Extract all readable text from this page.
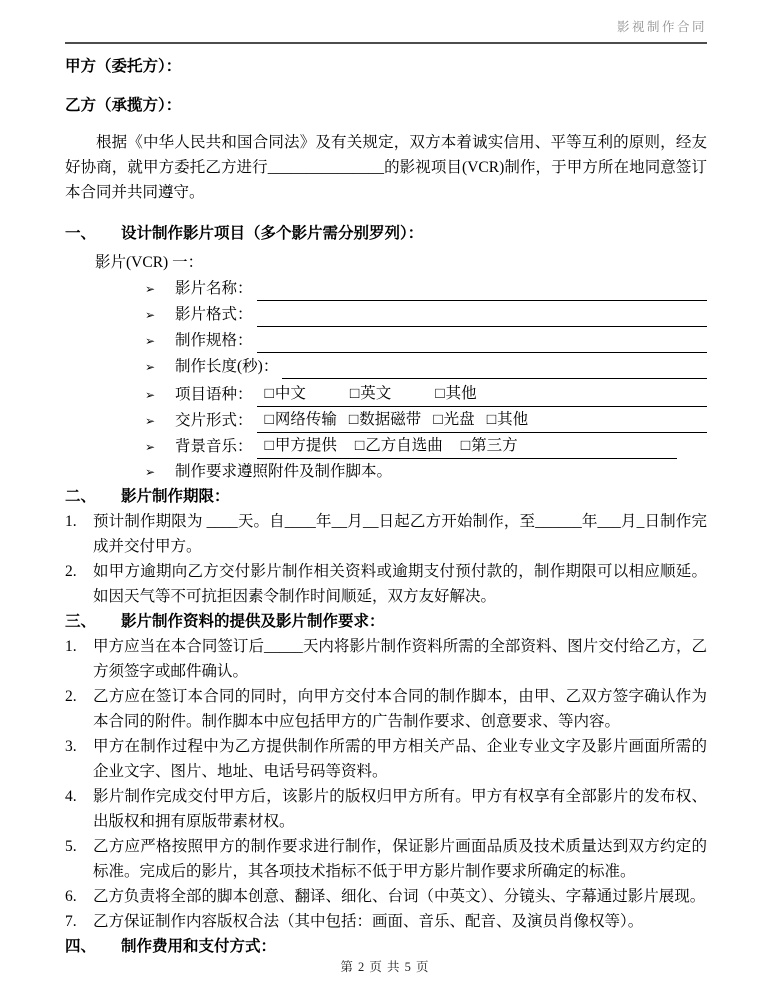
影视制作合同
甲方（委托方）：
乙方（承揽方）：

根据《中华人民共和国合同法》及有关规定，双方本着诚实信用、平等互利的原则，经友好协商，就甲方委托乙方进行_______________的影视项目(VCR)制作，于甲方所在地同意签订本合同并共同遵守。

一、	设计制作影片项目（多个影片需分别罗列）：
影片(VCR) 一：
➢	影片名称：
➢	影片格式：
➢	制作规格：
➢	制作长度(秒)：
➢	项目语种： □ 中文	□ 英文	□ 其他
➢	交片形式： □ 网络传输 □ 数据磁带 □ 光盘 □ 其他
➢	背景音乐： □ 甲方提供 □ 乙方自选曲 □ 第三方
➢	制作要求遵照附件及制作脚本。
二、	影片制作期限：
1.	预计制作期限为 ____天。自____年__月__日起乙方开始制作，至______年___月_日制作完成并交付甲方。
2.	如甲方逾期向乙方交付影片制作相关资料或逾期支付预付款的，制作期限可以相应顺延。如因天气等不可抗拒因素令制作时间顺延，双方友好解决。
三、	影片制作资料的提供及影片制作要求：
1.	甲方应当在本合同签订后_____天内将影片制作资料所需的全部资料、图片交付给乙方，乙方须签字或邮件确认。
2.	乙方应在签订本合同的同时，向甲方交付本合同的制作脚本，由甲、乙双方签字确认作为本合同的附件。制作脚本中应包括甲方的广告制作要求、创意要求、等内容。
3.	甲方在制作过程中为乙方提供制作所需的甲方相关产品、企业专业文字及影片画面所需的企业文字、图片、地址、电话号码等资料。
4.	影片制作完成交付甲方后，该影片的版权归甲方所有。甲方有权享有全部影片的发布权、出版权和拥有原版带素材权。
5.	乙方应严格按照甲方的制作要求进行制作，保证影片画面品质及技术质量达到双方约定的标准。完成后的影片，其各项技术指标不低于甲方影片制作要求所确定的标准。
6.	乙方负责将全部的脚本创意、翻译、细化、台词（中英文）、分镜头、字幕通过影片展现。
7.	乙方保证制作内容版权合法（其中包括：画面、音乐、配音、及演员肖像权等）。
四、	制作费用和支付方式：
第 2 页 共 5 页
